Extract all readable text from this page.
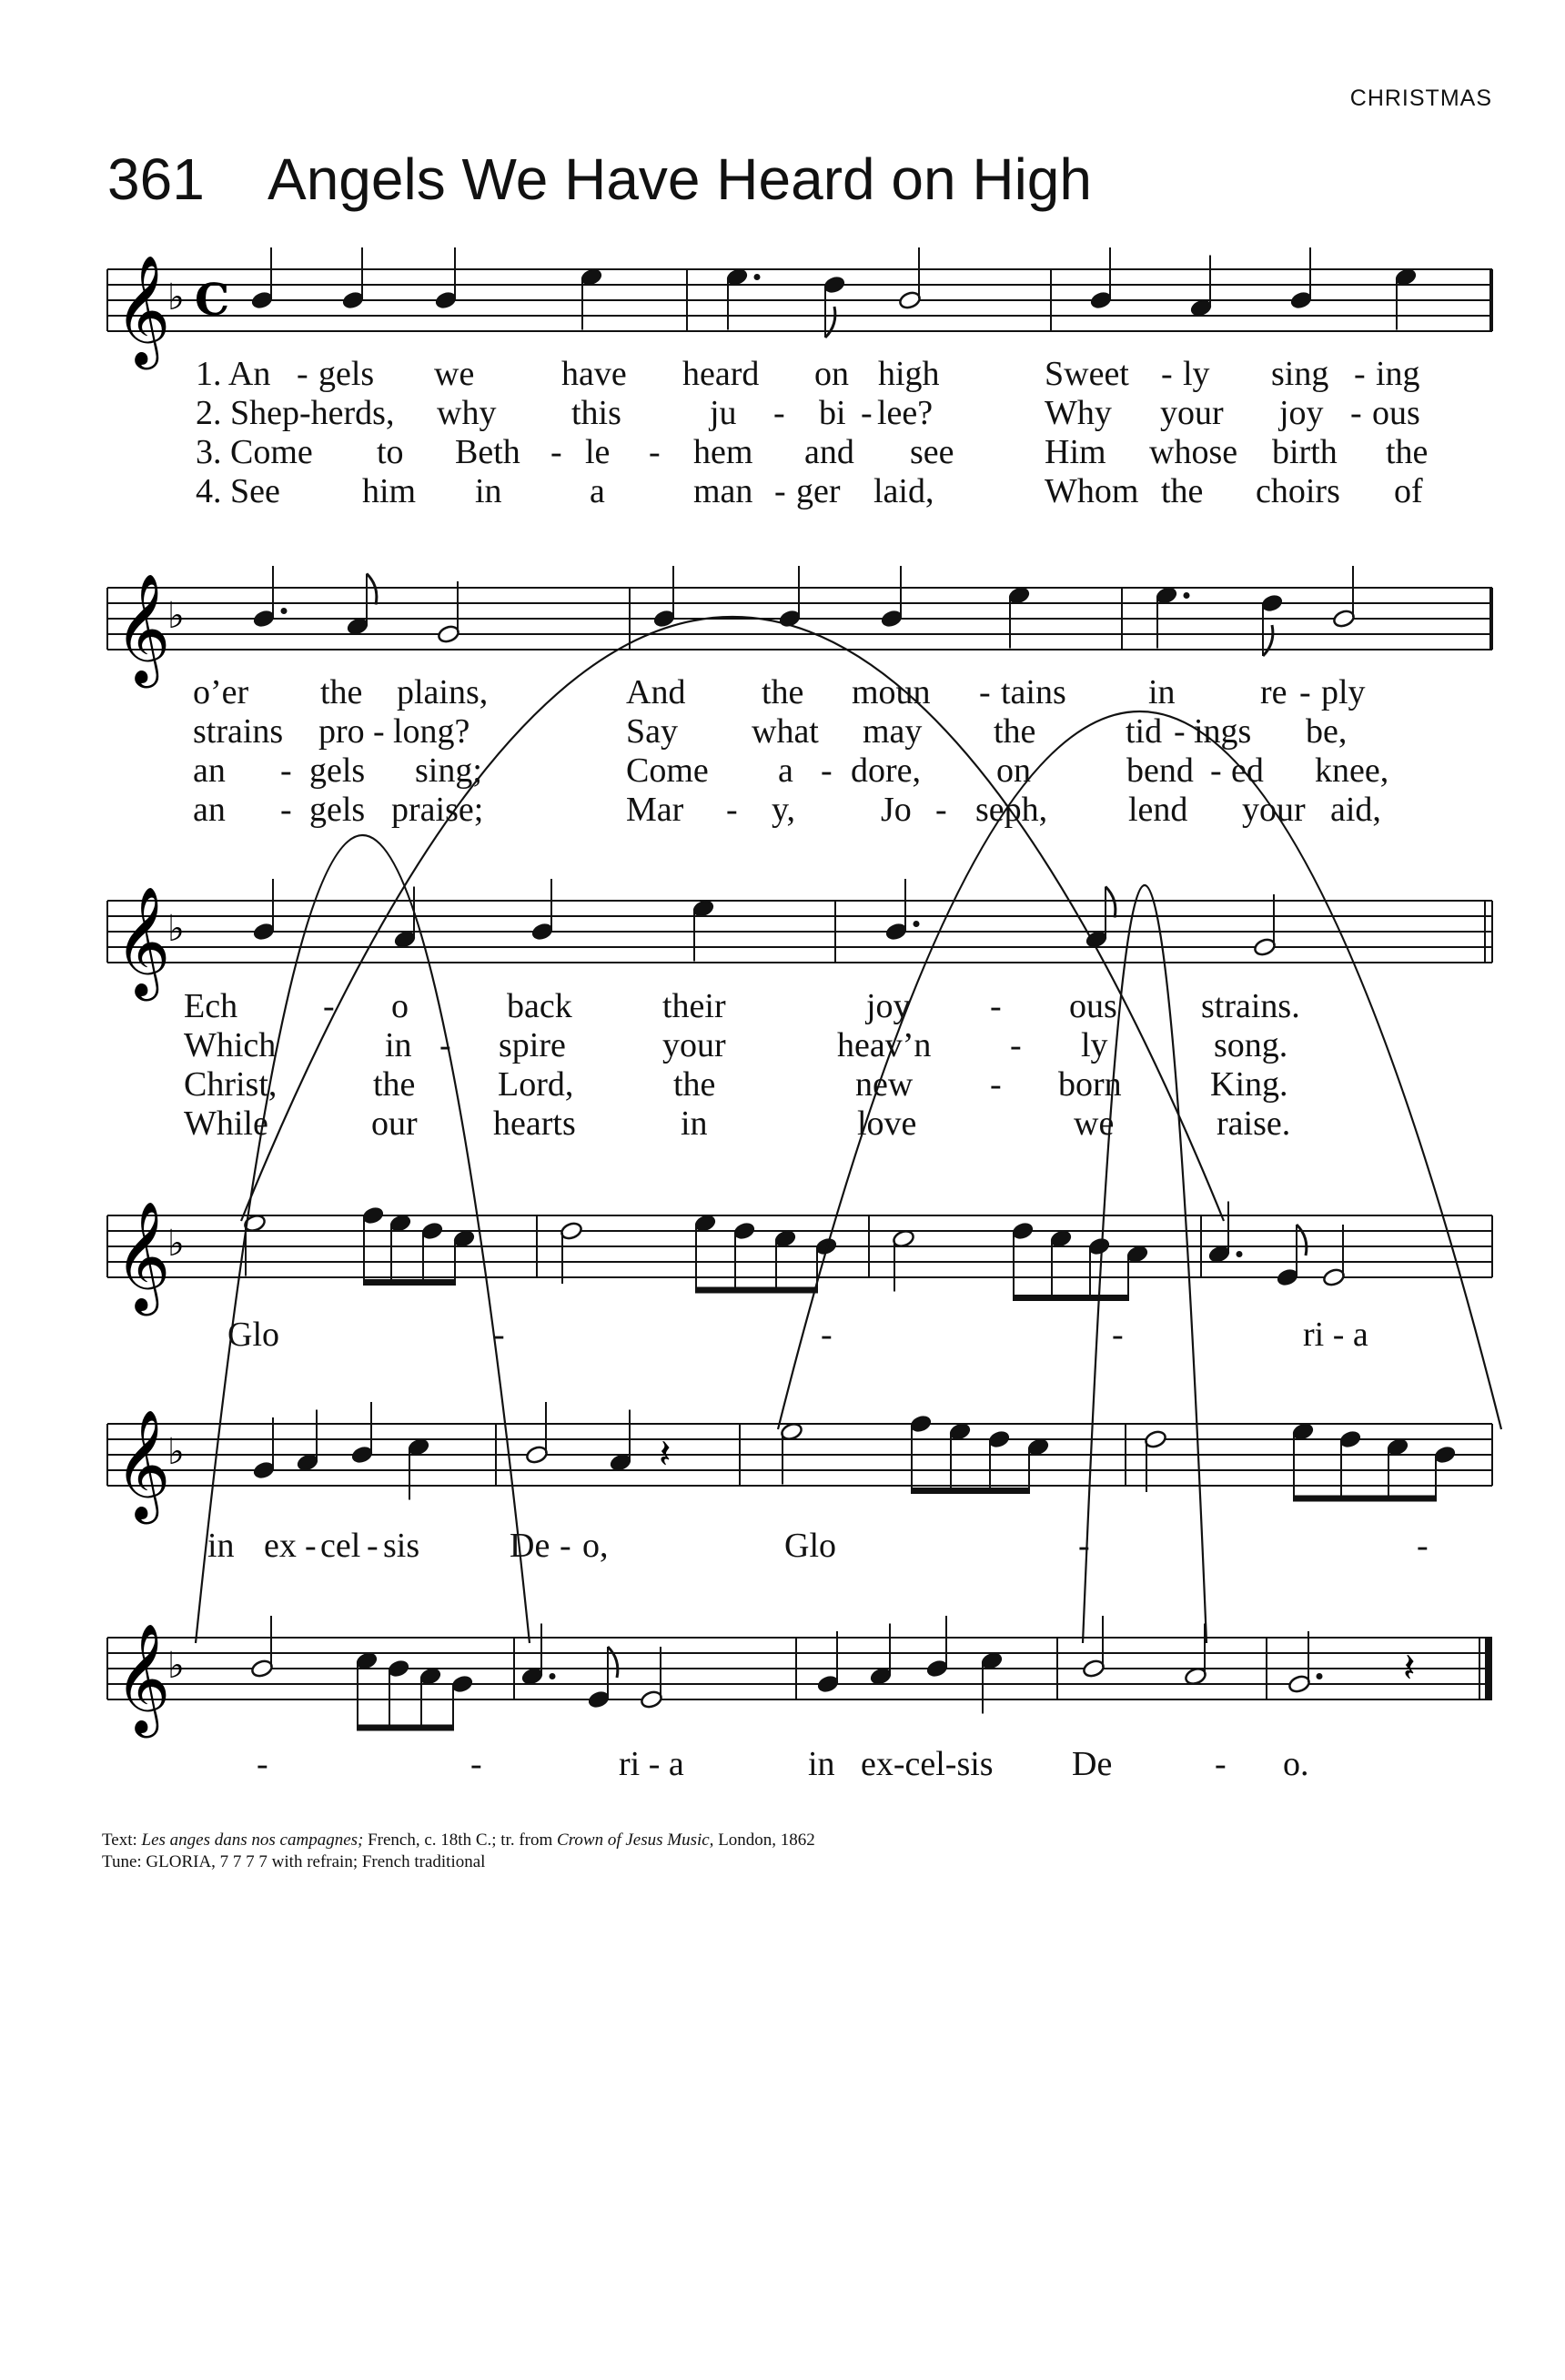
CHRISTMAS
361 Angels We Have Heard on High
𝄞
♭ C
1. An - gels we	have heard on high	Sweet - ly sing - ing
2. Shep-herds, why this	ju - bi - lee?	Why your joy - ous
3. Come to Beth - le - hem and see	Him whose birth the
4. See him in	a	man - ger laid,	Whom the choirs of
𝄞
♭
o’er the plains,	And the moun - tains in re - ply
strains pro - long?	Say what may the	tid - ings be,
an - gels sing;	Come a - dore, on	bend - ed knee,
an - gels praise;	Mar - y, Jo - seph, lend your aid,
𝄞
♭
Ech - o	back	their	joy - ous strains.
Which	in - spire	your	heav’n - ly	song.
Christ,	the Lord,	the	new - born	King.
While	our hearts	in	love	we	raise.
𝄞
♭
Glo	-	-	-	ri - a
𝄞
♭	𝄽
in ex - cel - sis	De - o,	Glo	-	-
𝄞
♭	𝄽
-	-	ri - a	in ex-cel-sis De	- o.
Text: Les anges dans nos campagnes; French, c. 18th C.; tr. from Crown of Jesus Music, London, 1862
Tune: GLORIA, 7 7 7 7 with refrain; French traditional
